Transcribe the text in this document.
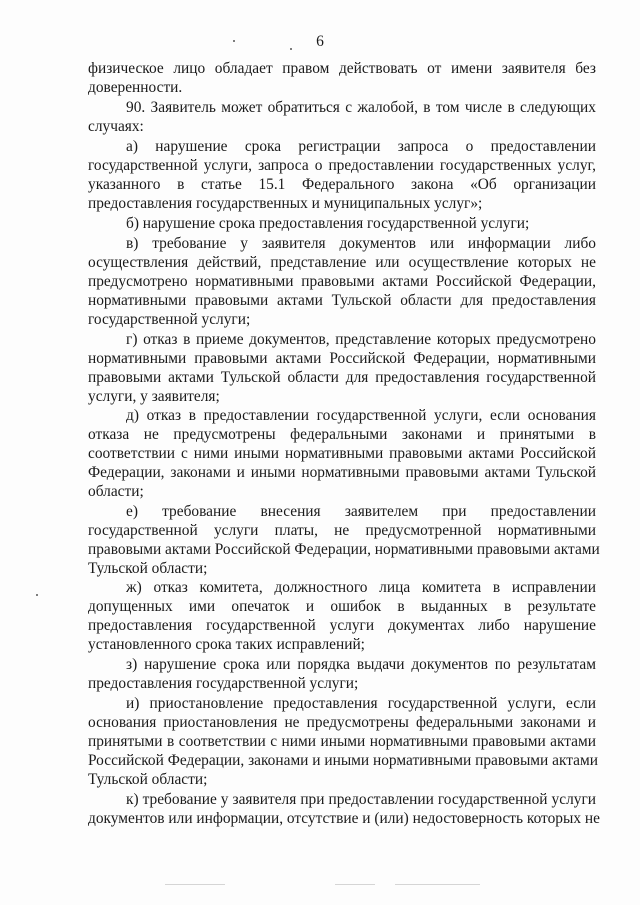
6
физическое лицо обладает правом действовать от имени заявителя без
доверенности.
90. Заявитель может обратиться с жалобой, в том числе в следующих
случаях:
а) нарушение срока регистрации запроса о предоставлении
государственной услуги, запроса о предоставлении государственных услуг,
указанного в статье 15.1 Федерального закона «Об организации
предоставления государственных и муниципальных услуг»;
б) нарушение срока предоставления государственной услуги;
в) требование у заявителя документов или информации либо
осуществления действий, представление или осуществление которых не
предусмотрено нормативными правовыми актами Российской Федерации,
нормативными правовыми актами Тульской области для предоставления
государственной услуги;
г) отказ в приеме документов, представление которых предусмотрено
нормативными правовыми актами Российской Федерации, нормативными
правовыми актами Тульской области для предоставления государственной
услуги, у заявителя;
д) отказ в предоставлении государственной услуги, если основания
отказа не предусмотрены федеральными законами и принятыми в
соответствии с ними иными нормативными правовыми актами Российской
Федерации, законами и иными нормативными правовыми актами Тульской
области;
е) требование внесения заявителем при предоставлении
государственной услуги платы, не предусмотренной нормативными
правовыми актами Российской Федерации, нормативными правовыми актами
Тульской области;
ж) отказ комитета, должностного лица комитета в исправлении
допущенных ими опечаток и ошибок в выданных в результате
предоставления государственной услуги документах либо нарушение
установленного срока таких исправлений;
з) нарушение срока или порядка выдачи документов по результатам
предоставления государственной услуги;
и) приостановление предоставления государственной услуги, если
основания приостановления не предусмотрены федеральными законами и
принятыми в соответствии с ними иными нормативными правовыми актами
Российской Федерации, законами и иными нормативными правовыми актами
Тульской области;
к) требование у заявителя при предоставлении государственной услуги
документов или информации, отсутствие и (или) недостоверность которых не
